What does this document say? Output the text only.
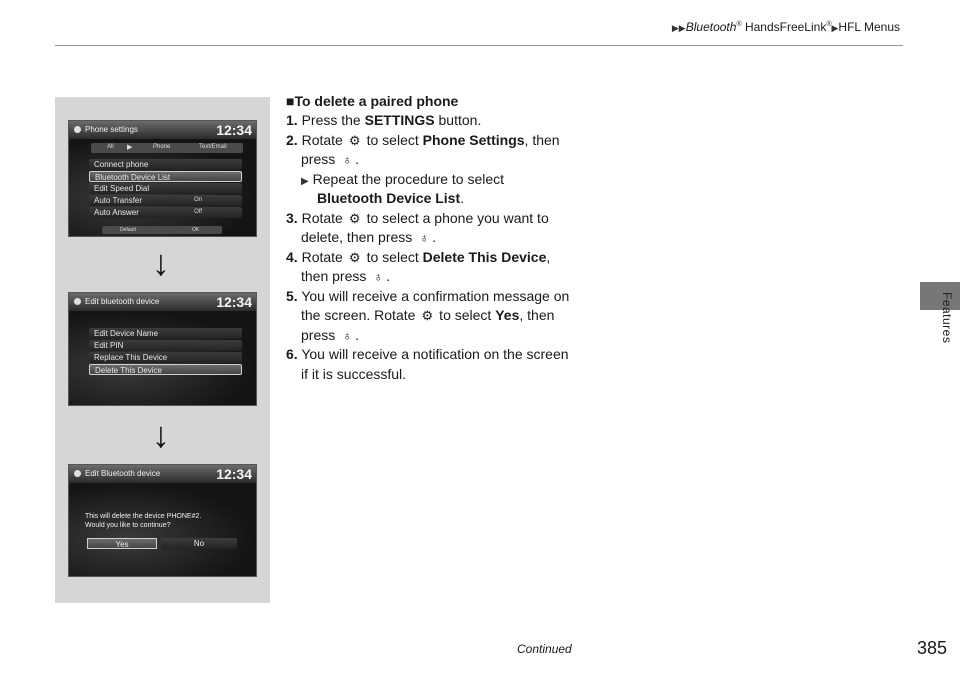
▶▶Bluetooth® HandsFreeLink®▶HFL Menus
Features
Phone settings	12:34
All ▶	Phone	Text/Email
Connect phone
Bluetooth Device List
Edit Speed Dial
Auto Transfer	On
Auto Answer	Off
Default	OK
↓
Edit bluetooth device	12:34
Edit Device Name
Edit PIN
Replace This Device
Delete This Device
↓
Edit Bluetooth device	12:34
This will delete the device PHONE#2.
Would you like to continue?
Yes	No
■To delete a paired phone
1. Press the SETTINGS button.
2. Rotate ⚙ to select Phone Settings, then
press ♁ .
▶ Repeat the procedure to select
Bluetooth Device List.
3. Rotate ⚙ to select a phone you want to
delete, then press ♁ .
4. Rotate ⚙ to select Delete This Device,
then press ♁ .
5. You will receive a confirmation message on
the screen. Rotate ⚙ to select Yes, then
press ♁ .
6. You will receive a notification on the screen
if it is successful.
Continued	385
